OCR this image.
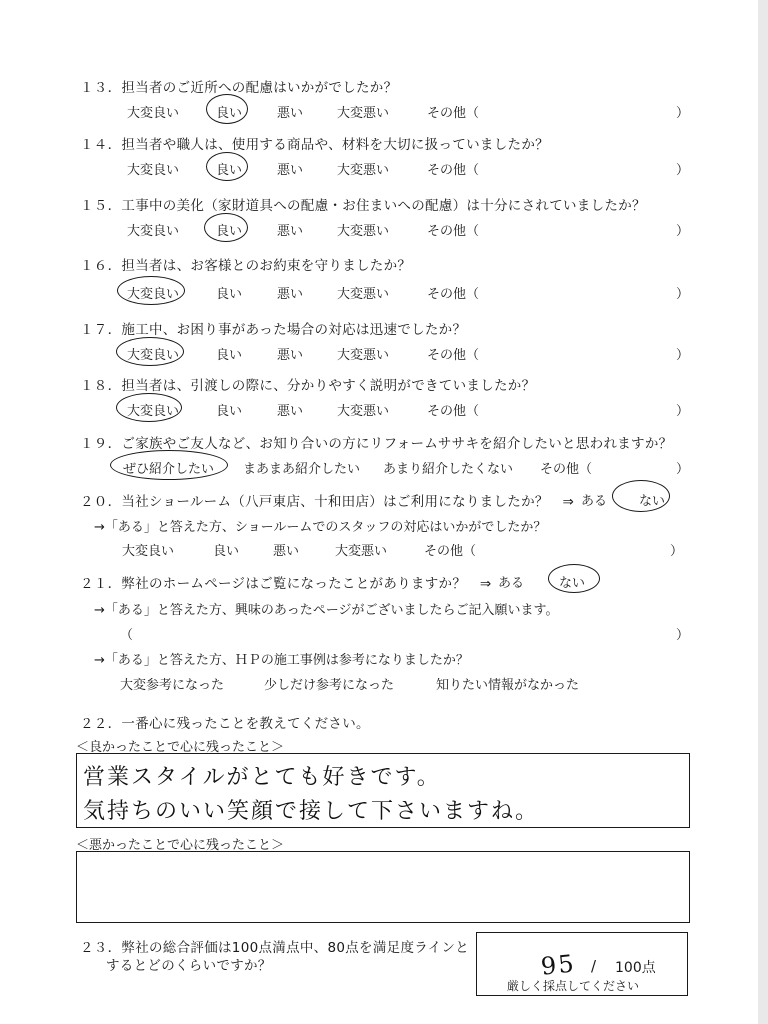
１３．担当者のご近所への配慮はいかがでしたか？
大変良い	良い	悪い	大変悪い	その他（	）
１４．担当者や職人は、使用する商品や、材料を大切に扱っていましたか？
大変良い	良い	悪い	大変悪い	その他（	）
１５．工事中の美化（家財道具への配慮・お住まいへの配慮）は十分にされていましたか？
大変良い	良い	悪い	大変悪い	その他（	）
１６．担当者は、お客様とのお約束を守りましたか？
大変良い	良い	悪い	大変悪い	その他（	）
１７．施工中、お困り事があった場合の対応は迅速でしたか？
大変良い	良い	悪い	大変悪い	その他（	）
１８．担当者は、引渡しの際に、分かりやすく説明ができていましたか？
大変良い	良い	悪い	大変悪い	その他（	）
１９．ご家族やご友人など、お知り合いの方にリフォームササキを紹介したいと思われますか？
ぜひ紹介したい まあまあ紹介したい あまり紹介したくない その他（	）
２０．当社ショールーム（八戸東店、十和田店）はご利用になりましたか？　⇒ ある ない
→「ある」と答えた方、ショールームでのスタッフの対応はいかがでしたか？
大変良い	良い	悪い	大変悪い	その他（	）
２１．弊社のホームページはご覧になったことがありますか？　⇒ ある	ない
→「ある」と答えた方、興味のあったページがございましたらご記入願います。
（	）
→「ある」と答えた方、ＨＰの施工事例は参考になりましたか？
大変参考になった	少しだけ参考になった	知りたい情報がなかった
２２．一番心に残ったことを教えてください。
＜良かったことで心に残ったこと＞
営業スタイルがとても好きです。
気持ちのいい笑顔で接して下さいますね。
＜悪かったことで心に残ったこと＞
２３．弊社の総合評価は100点満点中、80点を満足度ラインと
するとどのくらいですか？	95 / 100点
厳しく採点してください
